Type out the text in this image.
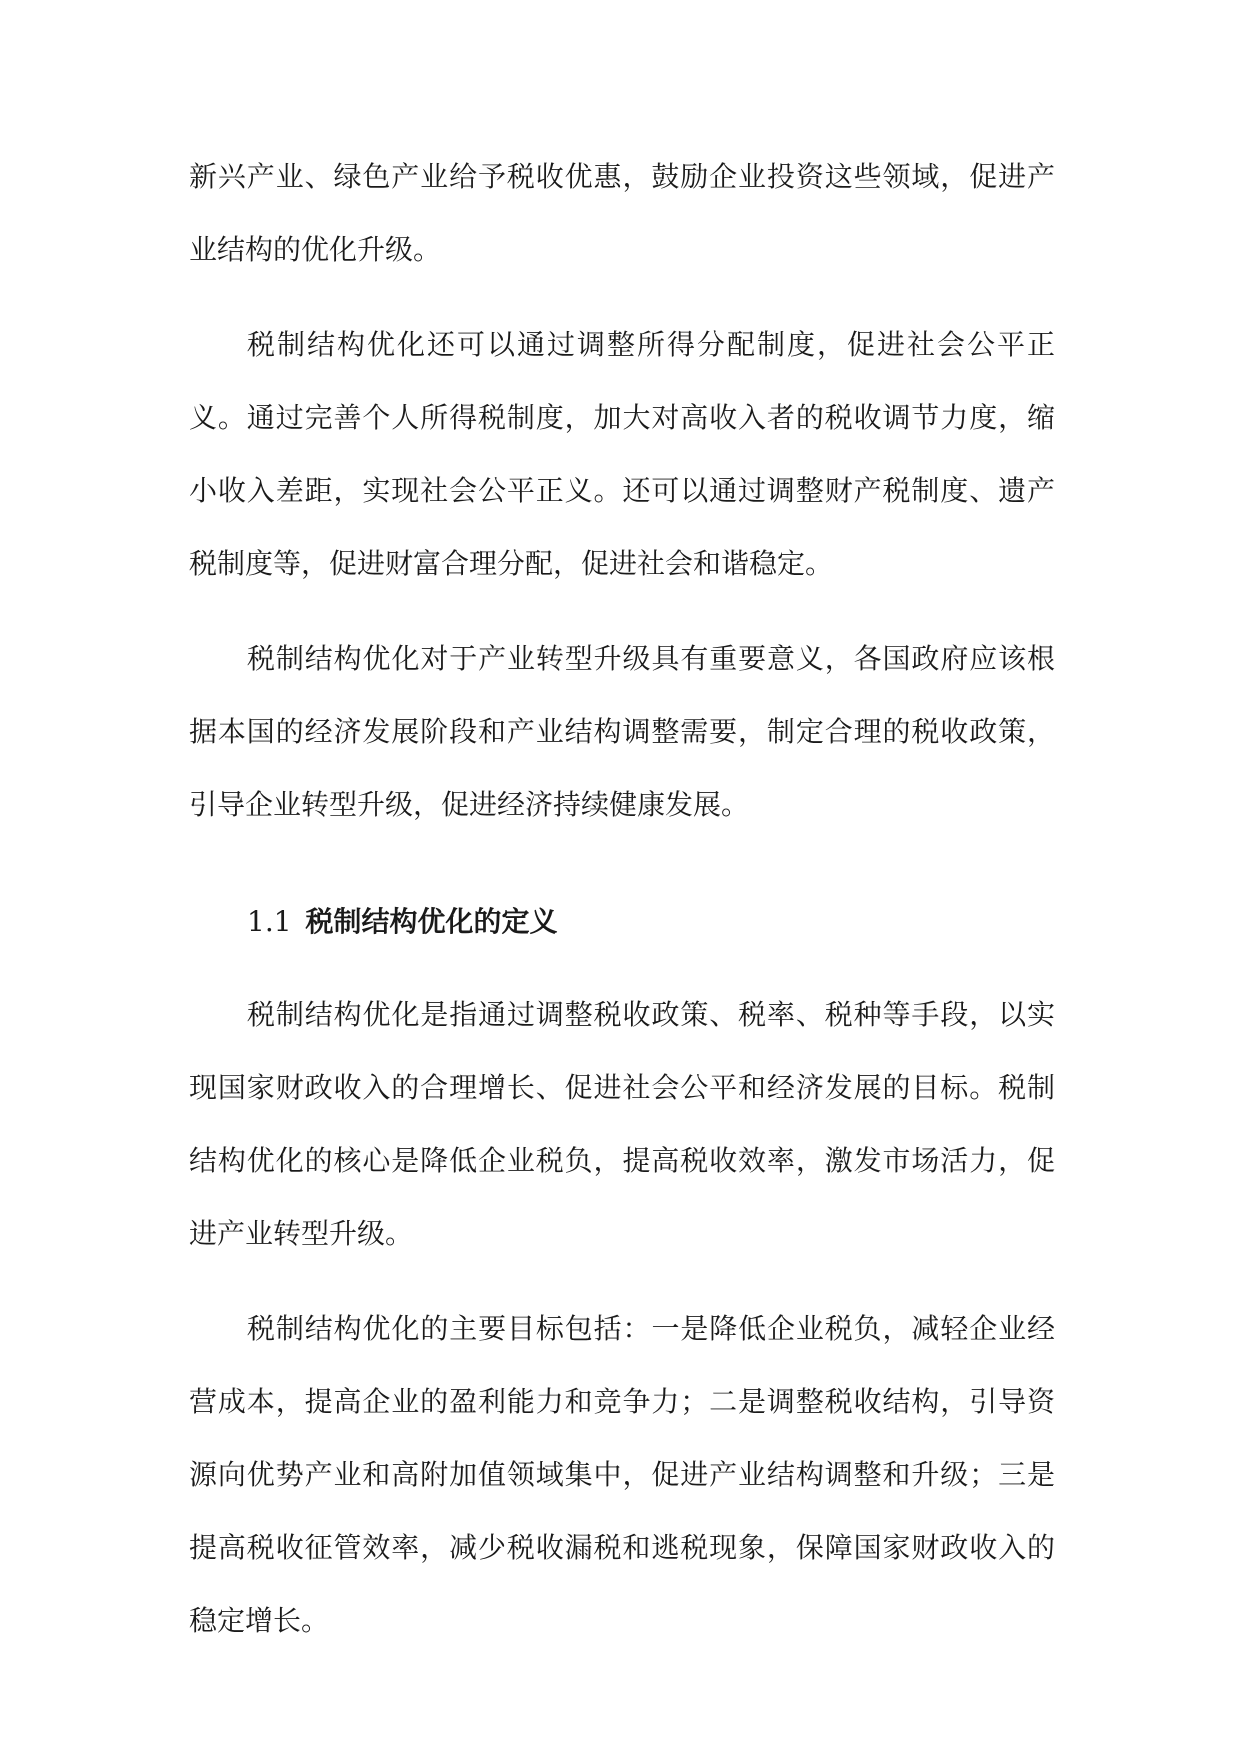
新兴产业、绿色产业给予税收优惠，鼓励企业投资这些领域，促进产业结构的优化升级。

税制结构优化还可以通过调整所得分配制度，促进社会公平正义。通过完善个人所得税制度，加大对高收入者的税收调节力度，缩小收入差距，实现社会公平正义。还可以通过调整财产税制度、遗产税制度等，促进财富合理分配，促进社会和谐稳定。

税制结构优化对于产业转型升级具有重要意义，各国政府应该根据本国的经济发展阶段和产业结构调整需要，制定合理的税收政策，引导企业转型升级，促进经济持续健康发展。

1.1 税制结构优化的定义

税制结构优化是指通过调整税收政策、税率、税种等手段，以实现国家财政收入的合理增长、促进社会公平和经济发展的目标。税制结构优化的核心是降低企业税负，提高税收效率，激发市场活力，促进产业转型升级。

税制结构优化的主要目标包括：一是降低企业税负，减轻企业经营成本，提高企业的盈利能力和竞争力；二是调整税收结构，引导资源向优势产业和高附加值领域集中，促进产业结构调整和升级；三是提高税收征管效率，减少税收漏税和逃税现象，保障国家财政收入的稳定增长。
